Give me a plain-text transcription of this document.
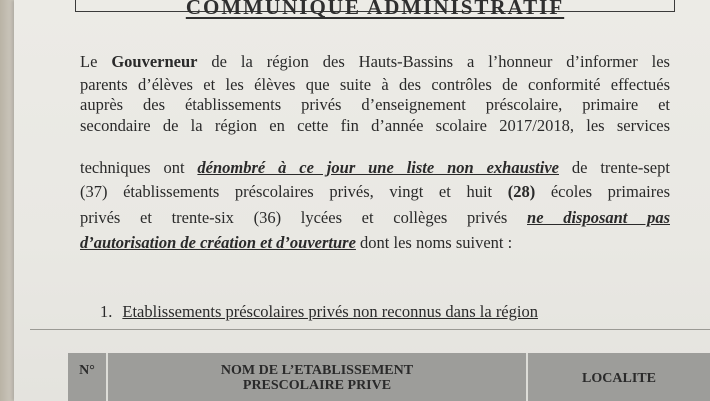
COMMUNIQUE ADMINISTRATIF
Le Gouverneur de la région des Hauts-Bassins a l’honneur d’informer les
parents d’élèves et les élèves que suite à des contrôles de conformité effectués
auprès des établissements privés d’enseignement préscolaire, primaire et
secondaire de la région en cette fin d’année scolaire 2017/2018, les services
techniques ont dénombré à ce jour une liste non exhaustive de trente-sept
(37) établissements préscolaires privés, vingt et huit (28) écoles primaires
privés et trente-six (36) lycées et collèges privés ne disposant pas
d’autorisation de création et d’ouverture dont les noms suivent :
1. Etablissements préscolaires privés non reconnus dans la région
N°	NOM DE L’ETABLISSEMENT
PRESCOLAIRE PRIVE	LOCALITE
